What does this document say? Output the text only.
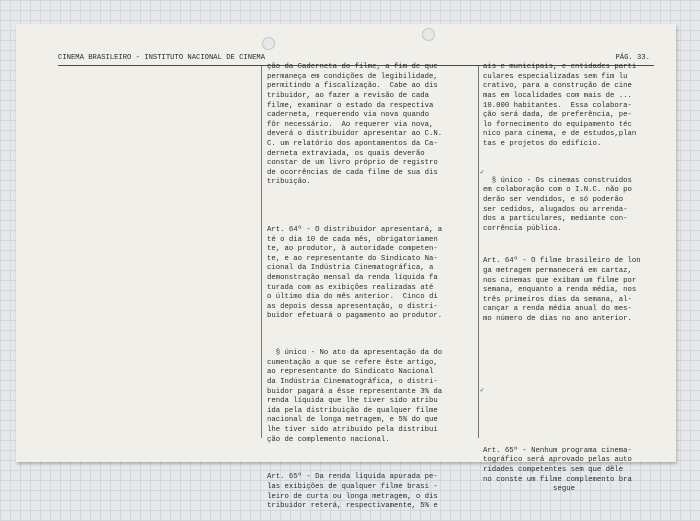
CINEMA BRASILEIRO - INSTITUTO NACIONAL DE CINEMA	PÁG. 33.
✓
✓

ção da Caderneta do filme, a fim de que
permaneça em condições de legibilidade,
permitindo a fiscalização.  Cabe ao dis
tribuidor, ao fazer a revisão de cada
filme, examinar o estado da respectiva
caderneta, requerendo via nova quando
fôr necessário.  Ao requerer via nova,
deverá o distribuidor apresentar ao C.N.
C. um relatório dos apontamentos da Ca-
derneta extraviada, os quais deverão
constar de um livro próprio de registro
de ocorrências de cada filme de sua dis
tribuição.

Art. 64º - O distribuidor apresentará, a
té o dia 10 de cada mês, obrigatoriamen
te, ao produtor, à autoridade competen-
te, e ao representante do Sindicato Na-
cional da Indústria Cinematográfica, a
demonstração mensal da renda líquida fa
turada com as exibições realizadas até
o último dia do mês anterior.  Cinco di
as depois dessa apresentação, o distri-
buidor efetuará o pagamento ao produtor.

§ único - No ato da apresentação da do
cumentação a que se refere êste artigo,
ao representante do Sindicato Nacional
da Indústria Cinematográfica, o distri-
buidor pagará a êsse representante 3% da
renda líquida que lhe tiver sido atribu
ída pela distribuição de qualquer filme
nacional de longa metragem, e 5% do que
lhe tiver sido atribuído pela distribui
ção de complemento nacional.

Art. 65º - Da renda líquida apurada pe-
las exibições de qualquer filme brasi -
leiro de curta ou longa metragem, o dis
tribuidor reterá, respectivamente, 5% e

ais e municipais, e entidades parti
culares especializadas sem fim lu
crativo, para a construção de cine
mas em localidades com mais de ...
10.000 habitantes.  Essa colabora-
ção será dada, de preferência, pe-
lo fornecimento do equipamento téc
nico para cinema, e de estudos,plan
tas e projetos do edifício.

§ único - Os cinemas construídos
em colaboração com o I.N.C. não po
derão ser vendidos, e só poderão
ser cedidos, alugados ou arrenda-
dos a particulares, mediante con-
corrência pública.

Art. 64º - O filme brasileiro de lon
ga metragem permanecerá em cartaz,
nos cinemas que exibam um filme por
semana, enquanto a renda média, nos
três primeiros dias da semana, al-
cançar a renda média anual do mes-
mo número de dias no ano anterior.

Art. 65º - Nenhum programa cinema-
tográfico será aprovado pelas auto
ridades competentes sem que dêle
no conste um filme complemento bra
segue
